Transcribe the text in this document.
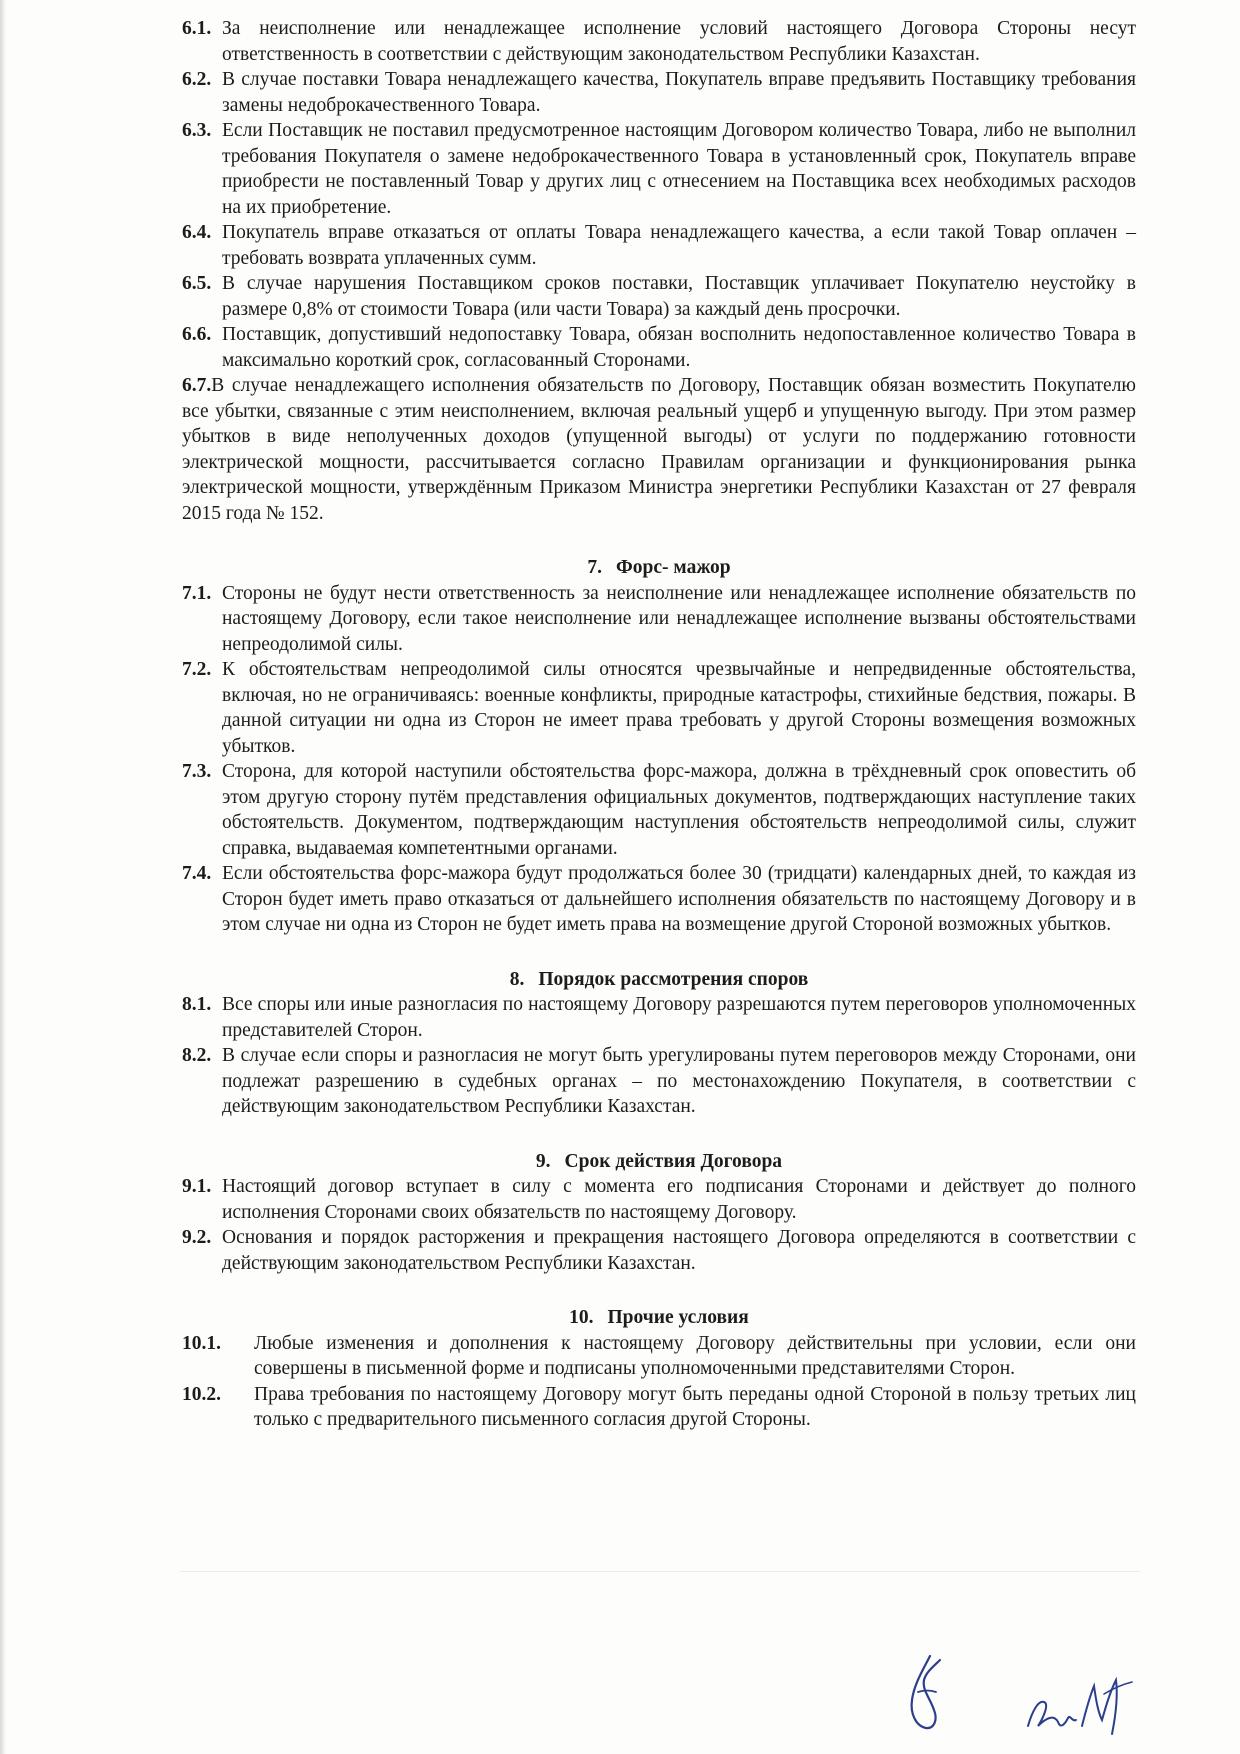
6.1. За неисполнение или ненадлежащее исполнение условий настоящего Договора Стороны несут ответственность в соответствии с действующим законодательством Республики Казахстан.

6.2. В случае поставки Товара ненадлежащего качества, Покупатель вправе предъявить Поставщику требования замены недоброкачественного Товара.

6.3. Если Поставщик не поставил предусмотренное настоящим Договором количество Товара, либо не выполнил требования Покупателя о замене недоброкачественного Товара в установленный срок, Покупатель вправе приобрести не поставленный Товар у других лиц с отнесением на Поставщика всех необходимых расходов на их приобретение.

6.4. Покупатель вправе отказаться от оплаты Товара ненадлежащего качества, а если такой Товар оплачен – требовать возврата уплаченных сумм.

6.5. В случае нарушения Поставщиком сроков поставки, Поставщик уплачивает Покупателю неустойку в размере 0,8% от стоимости Товара (или части Товара) за каждый день просрочки.

6.6. Поставщик, допустивший недопоставку Товара, обязан восполнить недопоставленное количество Товара в максимально короткий срок, согласованный Сторонами.

6.7.В случае ненадлежащего исполнения обязательств по Договору, Поставщик обязан возместить Покупателю все убытки, связанные с этим неисполнением, включая реальный ущерб и упущенную выгоду. При этом размер убытков в виде неполученных доходов (упущенной выгоды) от услуги по поддержанию готовности электрической мощности, рассчитывается согласно Правилам организации и функционирования рынка электрической мощности, утверждённым Приказом Министра энергетики Республики Казахстан от 27 февраля 2015 года № 152.

7. Форс- мажор

7.1. Стороны не будут нести ответственность за неисполнение или ненадлежащее исполнение обязательств по настоящему Договору, если такое неисполнение или ненадлежащее исполнение вызваны обстоятельствами непреодолимой силы.

7.2. К обстоятельствам непреодолимой силы относятся чрезвычайные и непредвиденные обстоятельства, включая, но не ограничиваясь: военные конфликты, природные катастрофы, стихийные бедствия, пожары. В данной ситуации ни одна из Сторон не имеет права требовать у другой Стороны возмещения возможных убытков.

7.3. Сторона, для которой наступили обстоятельства форс-мажора, должна в трёхдневный срок оповестить об этом другую сторону путём представления официальных документов, подтверждающих наступление таких обстоятельств. Документом, подтверждающим наступления обстоятельств непреодолимой силы, служит справка, выдаваемая компетентными органами.

7.4. Если обстоятельства форс-мажора будут продолжаться более 30 (тридцати) календарных дней, то каждая из Сторон будет иметь право отказаться от дальнейшего исполнения обязательств по настоящему Договору и в этом случае ни одна из Сторон не будет иметь права на возмещение другой Стороной возможных убытков.

8. Порядок рассмотрения споров

8.1. Все споры или иные разногласия по настоящему Договору разрешаются путем переговоров уполномоченных представителей Сторон.

8.2. В случае если споры и разногласия не могут быть урегулированы путем переговоров между Сторонами, они подлежат разрешению в судебных органах – по местонахождению Покупателя, в соответствии с действующим законодательством Республики Казахстан.

9. Срок действия Договора

9.1. Настоящий договор вступает в силу с момента его подписания Сторонами и действует до полного исполнения Сторонами своих обязательств по настоящему Договору.

9.2. Основания и порядок расторжения и прекращения настоящего Договора определяются в соответствии с действующим законодательством Республики Казахстан.

10. Прочие условия

10.1.	Любые изменения и дополнения к настоящему Договору действительны при условии, если они совершены в письменной форме и подписаны уполномоченными представителями Сторон.

10.2.	Права требования по настоящему Договору могут быть переданы одной Стороной в пользу третьих лиц только с предварительного письменного согласия другой Стороны.
